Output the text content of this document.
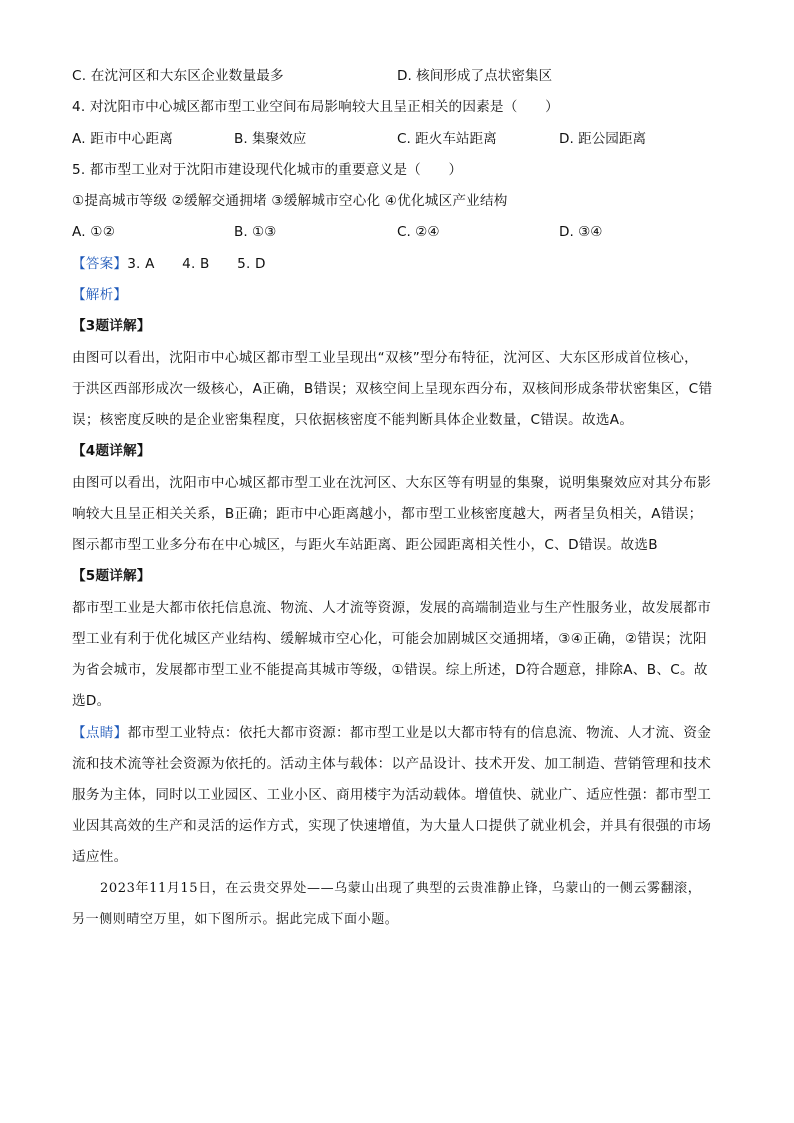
C. 在沈河区和大东区企业数量最多	D. 核间形成了点状密集区
4. 对沈阳市中心城区都市型工业空间布局影响较大且呈正相关的因素是（　　）
A. 距市中心距离	B. 集聚效应	C. 距火车站距离	D. 距公园距离
5. 都市型工业对于沈阳市建设现代化城市的重要意义是（　　）
①提高城市等级 ②缓解交通拥堵 ③缓解城市空心化 ④优化城区产业结构
A. ①②	B. ①③	C. ②④	D. ③④
【答案】3. A　　4. B　　5. D
【解析】
【3题详解】
由图可以看出，沈阳市中心城区都市型工业呈现出“双核”型分布特征，沈河区、大东区形成首位核心，
于洪区西部形成次一级核心，A正确，B错误；双核空间上呈现东西分布，双核间形成条带状密集区，C错
误；核密度反映的是企业密集程度，只依据核密度不能判断具体企业数量，C错误。故选A。
【4题详解】
由图可以看出，沈阳市中心城区都市型工业在沈河区、大东区等有明显的集聚，说明集聚效应对其分布影
响较大且呈正相关关系，B正确；距市中心距离越小，都市型工业核密度越大，两者呈负相关，A错误；
图示都市型工业多分布在中心城区，与距火车站距离、距公园距离相关性小，C、D错误。故选B
【5题详解】
都市型工业是大都市依托信息流、物流、人才流等资源，发展的高端制造业与生产性服务业，故发展都市
型工业有利于优化城区产业结构、缓解城市空心化，可能会加剧城区交通拥堵，③④正确，②错误；沈阳
为省会城市，发展都市型工业不能提高其城市等级，①错误。综上所述，D符合题意，排除A、B、C。故
选D。
【点睛】都市型工业特点：依托大都市资源：都市型工业是以大都市特有的信息流、物流、人才流、资金
流和技术流等社会资源为依托的。活动主体与载体：以产品设计、技术开发、加工制造、营销管理和技术
服务为主体，同时以工业园区、工业小区、商用楼宇为活动载体。增值快、就业广、适应性强：都市型工
业因其高效的生产和灵活的运作方式，实现了快速增值，为大量人口提供了就业机会，并具有很强的市场
适应性。
2023年11月15日，在云贵交界处——乌蒙山出现了典型的云贵准静止锋，乌蒙山的一侧云雾翻滚，
另一侧则晴空万里，如下图所示。据此完成下面小题。
